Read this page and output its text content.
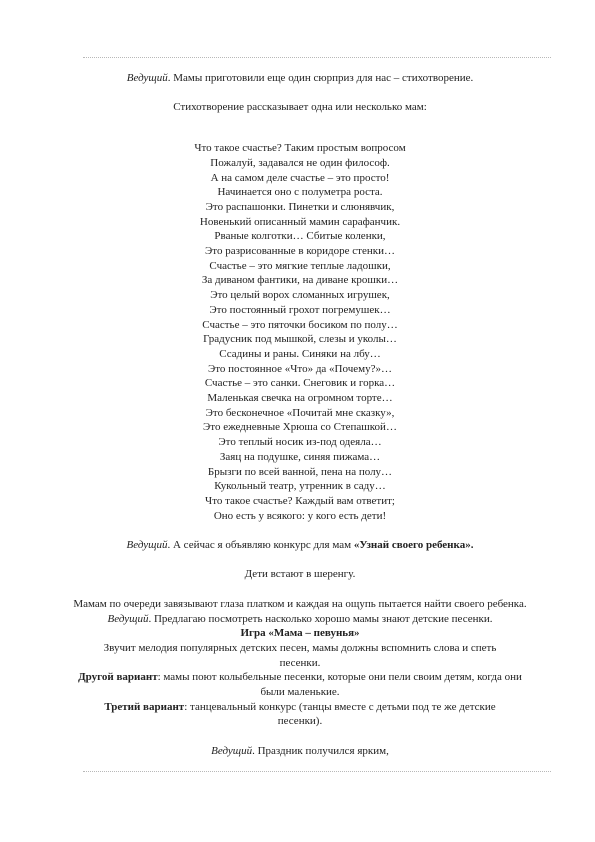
Ведущий. Мамы приготовили еще один сюрприз для нас – стихотворение.

Стихотворение рассказывает одна или несколько мам:

Что такое счастье? Таким простым вопросом
Пожалуй, задавался не один философ.
А на самом деле счастье – это просто!
Начинается оно с полуметра роста.
Это распашонки. Пинетки и слюнявчик,
Новенький описанный мамин сарафанчик.
Рваные колготки… Сбитые коленки,
Это разрисованные в коридоре стенки…
Счастье – это мягкие теплые ладошки,
За диваном фантики, на диване крошки…
Это целый ворох сломанных игрушек,
Это постоянный грохот погремушек…
Счастье – это пяточки босиком по полу…
Градусник под мышкой, слезы и уколы…
Ссадины и раны. Синяки на лбу…
Это постоянное «Что» да «Почему?»…
Счастье – это санки. Снеговик и горка…
Маленькая свечка на огромном торте…
Это бесконечное «Почитай мне сказку»,
Это ежедневные Хрюша со Степашкой…
Это теплый носик из-под одеяла…
Заяц на подушке, синяя пижама…
Брызги по всей ванной, пена на полу…
Кукольный театр, утренник в саду…
Что такое счастье? Каждый вам ответит;
Оно есть у всякого: у кого есть дети!

Ведущий. А сейчас я объявляю конкурс для мам «Узнай своего ребенка».

Дети встают в шеренгу.

Мамам по очереди завязывают глаза платком и каждая на ощупь пытается найти своего ребенка.

Ведущий. Предлагаю посмотреть насколько хорошо мамы знают детские песенки.

Игра «Мама – певунья»

Звучит мелодия популярных детских песен, мамы должны вспомнить слова и спеть песенки.

Другой вариант: мамы поют колыбельные песенки, которые они пели своим детям, когда они были маленькие.

Третий вариант: танцевальный конкурс (танцы вместе с детьми под те же детские песенки).

Ведущий. Праздник получился ярким,
